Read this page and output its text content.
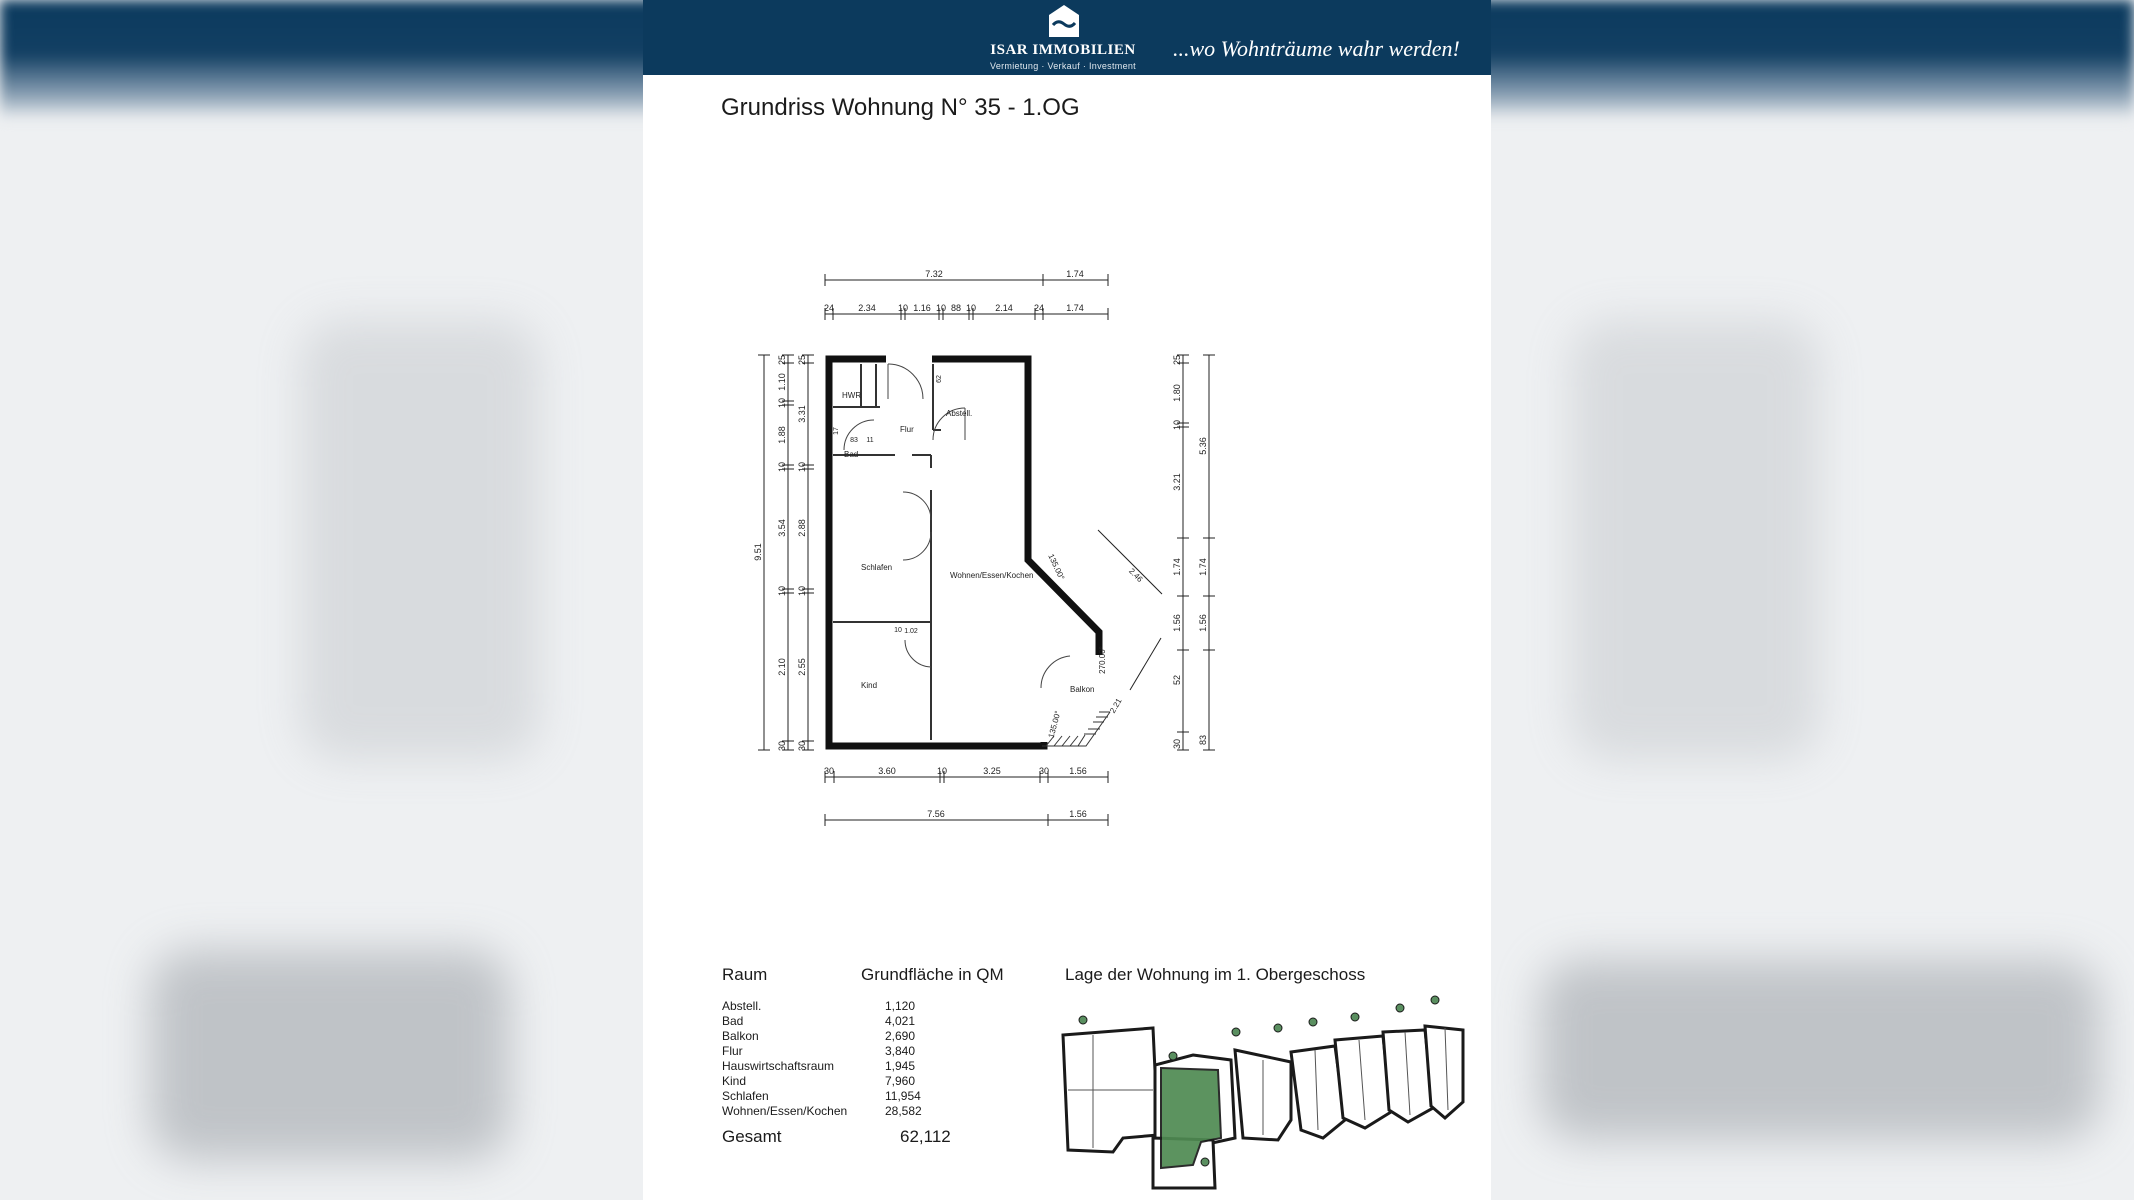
ISAR IMMOBILIEN
Vermietung · Verkauf · Investment
...wo Wohnträume wahr werden!
Grundriss Wohnung N° 35 - 1.OG
HWR
Flur
Abstell.
Bad
Schlafen
Wohnen/Essen/Kochen
Kind	Balkon
7.32	1.74
24	2.34 10 1.16 10 88 10 2.14 24 1.74
30	3.60	10	3.25	30 1.56
7.56	1.56
9.51
25
1.10
10
1.88
10
3.54
10
2.10
30
25
3.31
10
2.88
10
2.55
30
25
1.80
10
3.21
1.74
1.56
52
30
5.36
1.74
1.56
83
1.02
10
83 11
17
62
135.00°	2.46
270.00°
2.21
135.00°
Raum	Grundfläche in QM	Lage der Wohnung im 1. Obergeschoss
Abstell.	1,120
Bad	4,021
Balkon	2,690
Flur	3,840
Hauswirtschaftsraum	1,945
Kind	7,960
Schlafen	11,954
Wohnen/Essen/Kochen	28,582
Gesamt	62,112
